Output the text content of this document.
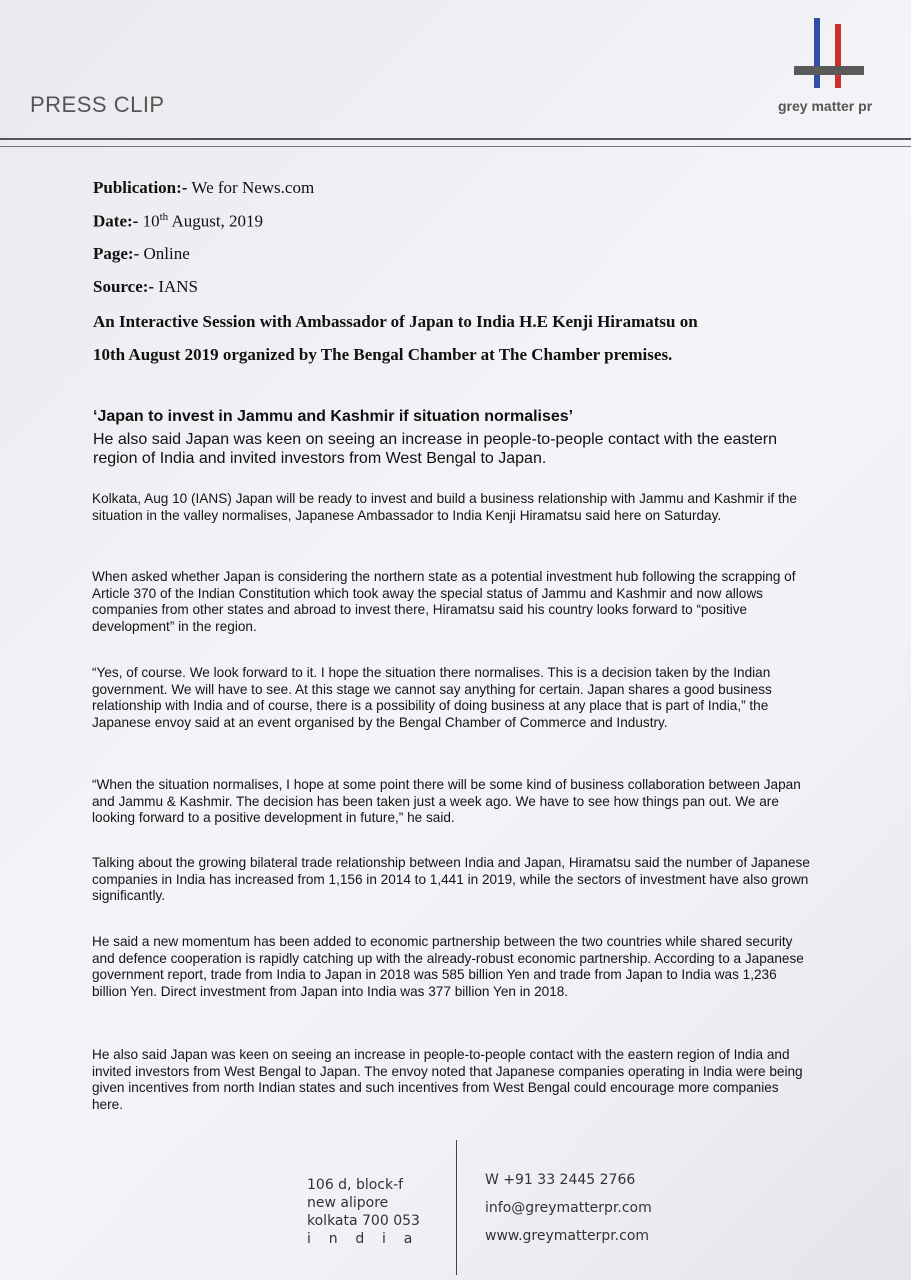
PRESS CLIP	grey matter pr
Publication:- We for News.com
Date:- 10th August, 2019
Page:- Online
Source:- IANS
An Interactive Session with Ambassador of Japan to India H.E Kenji Hiramatsu on
10th August 2019 organized by The Bengal Chamber at The Chamber premises.
‘Japan to invest in Jammu and Kashmir if situation normalises’
He also said Japan was keen on seeing an increase in people-to-people contact with the eastern region of India and invited investors from West Bengal to Japan.
Kolkata, Aug 10 (IANS) Japan will be ready to invest and build a business relationship with Jammu and Kashmir if the situation in the valley normalises, Japanese Ambassador to India Kenji Hiramatsu said here on Saturday.
When asked whether Japan is considering the northern state as a potential investment hub following the scrapping of Article 370 of the Indian Constitution which took away the special status of Jammu and Kashmir and now allows companies from other states and abroad to invest there, Hiramatsu said his country looks forward to “positive development” in the region.
“Yes, of course. We look forward to it. I hope the situation there normalises. This is a decision taken by the Indian government. We will have to see. At this stage we cannot say anything for certain. Japan shares a good business relationship with India and of course, there is a possibility of doing business at any place that is part of India,” the Japanese envoy said at an event organised by the Bengal Chamber of Commerce and Industry.
“When the situation normalises, I hope at some point there will be some kind of business collaboration between Japan and Jammu & Kashmir. The decision has been taken just a week ago. We have to see how things pan out. We are looking forward to a positive development in future,” he said.
Talking about the growing bilateral trade relationship between India and Japan, Hiramatsu said the number of Japanese companies in India has increased from 1,156 in 2014 to 1,441 in 2019, while the sectors of investment have also grown significantly.
He said a new momentum has been added to economic partnership between the two countries while shared security and defence cooperation is rapidly catching up with the already-robust economic partnership. According to a Japanese government report, trade from India to Japan in 2018 was 585 billion Yen and trade from Japan to India was 1,236 billion Yen. Direct investment from Japan into India was 377 billion Yen in 2018.
He also said Japan was keen on seeing an increase in people-to-people contact with the eastern region of India and invited investors from West Bengal to Japan. The envoy noted that Japanese companies operating in India were being given incentives from north Indian states and such incentives from West Bengal could encourage more companies here.
106 d, block-f
new alipore
kolkata 700 053
i    n    d    i    a
W +91 33 2445 2766
info@greymatterpr.com
www.greymatterpr.com
